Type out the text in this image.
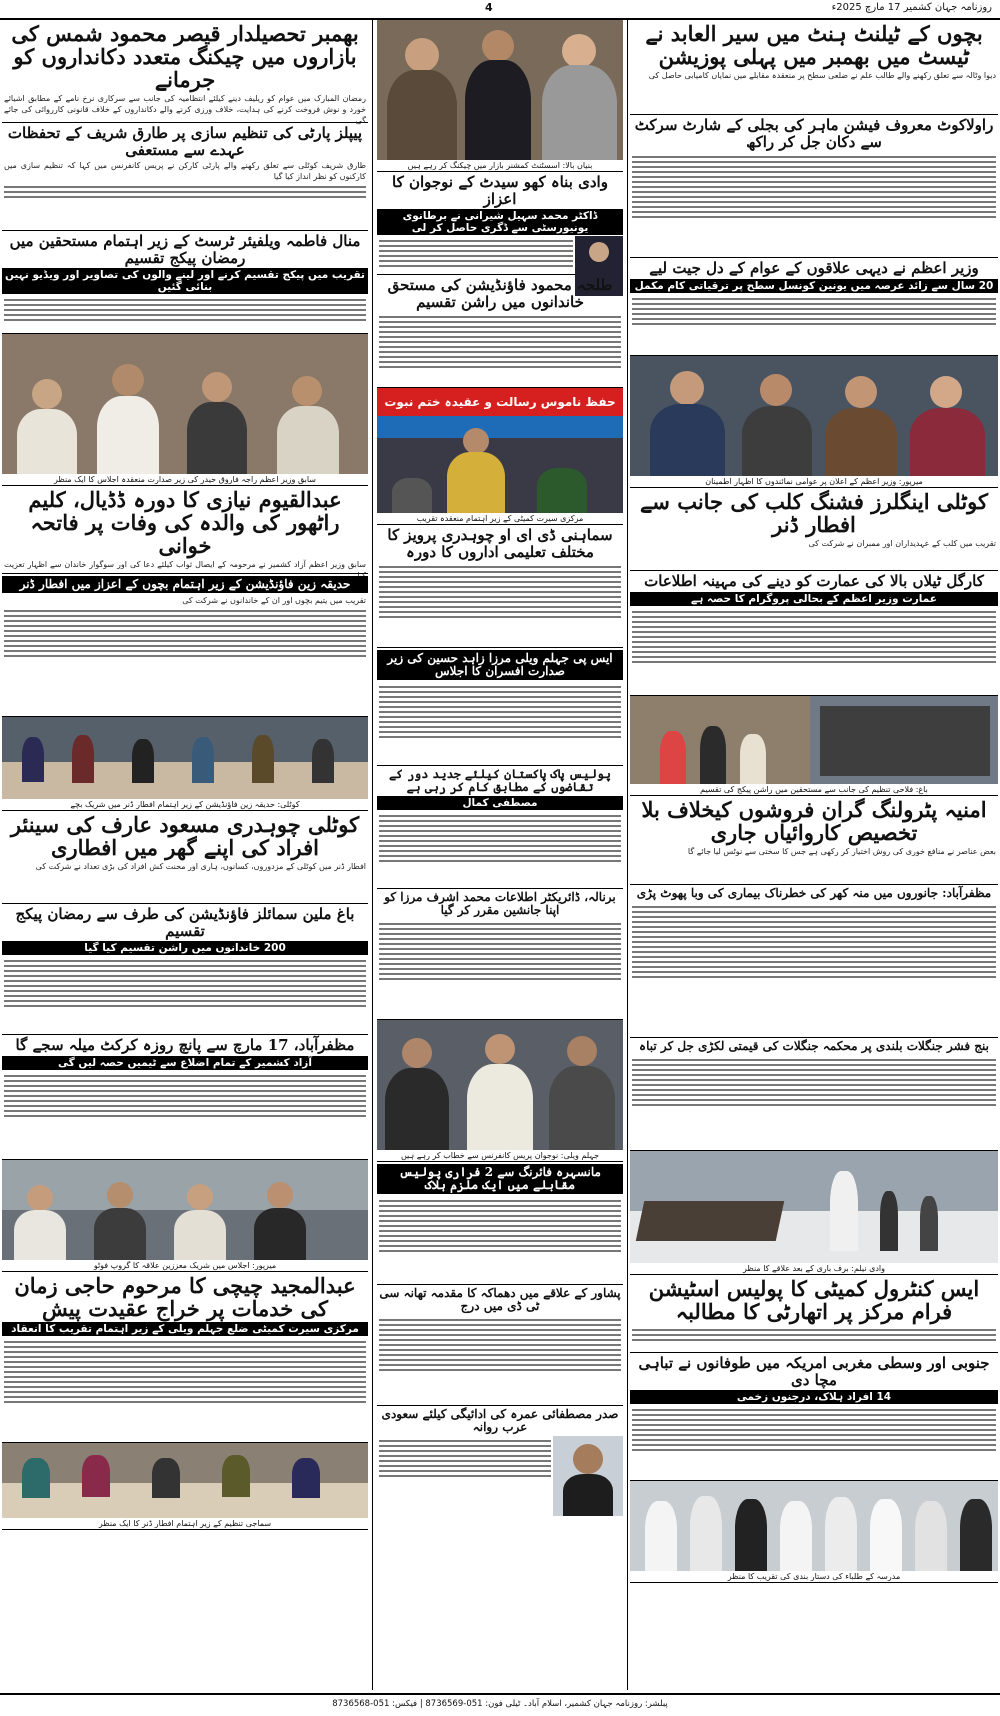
4	روزنامہ جہان کشمیر 17 مارچ 2025ء
بچوں کے ٹیلنٹ ہنٹ میں سیر العابد نے ٹیسٹ میں بھمبر میں پہلی پوزیشن
دیوا وٹالہ سے تعلق رکھنے والے طالب علم نے ضلعی سطح پر منعقدہ مقابلے میں نمایاں کامیابی حاصل کی
راولاکوٹ معروف فیشن ماہر کی بجلی کے شارٹ سرکٹ سے دکان جل کر راکھ
وزیر اعظم نے دیہی علاقوں کے عوام کے دل جیت لیے
20 سال سے زائد عرصہ میں یونین کونسل سطح پر ترقیاتی کام مکمل
میرپور: وزیر اعظم کے اعلان پر عوامی نمائندوں کا اظہار اطمینان
کوٹلی اینگلرز فشنگ کلب کی جانب سے افطار ڈنر
تقریب میں کلب کے عہدیداران اور ممبران نے شرکت کی
کارگل ٹیلاں بالا کی عمارت کو دینے کی مہینہ اطلاعات
عمارت وزیر اعظم کے بحالی پروگرام کا حصہ ہے
باغ: فلاحی تنظیم کی جانب سے مستحقین میں راشن پیکج کی تقسیم
امنیہ پٹرولنگ گران فروشوں کیخلاف بلا تخصیص کاروائیاں جاری
بعض عناصر نے منافع خوری کی روش اختیار کر رکھی ہے جس کا سختی سے نوٹس لیا جائے گا
مظفرآباد: جانوروں میں منہ کھر کی خطرناک بیماری کی وبا پھوٹ پڑی
بنج فشر جنگلات بلندی پر محکمہ جنگلات کی قیمتی لکڑی جل کر تباہ
وادی نیلم: برف باری کے بعد علاقے کا منظر
ایس کنٹرول کمیٹی کا پولیس اسٹیشن فرام مرکز پر اتھارٹی کا مطالبہ
جنوبی اور وسطی مغربی امریکہ میں طوفانوں نے تباہی مچا دی
14 افراد ہلاک، درجنوں زخمی
مدرسہ کے طلباء کی دستار بندی کی تقریب کا منظر
بنیاں بالا: اسسٹنٹ کمشنر بازار میں چیکنگ کر رہے ہیں
وادی بناہ کھو سیدٹ کے نوجوان کا اعزاز
ڈاکٹر محمد سہیل شیرانی نے برطانوی یونیورسٹی سے ڈگری حاصل کر لی
طلحہ محمود فاؤنڈیشن کی مستحق خاندانوں میں راشن تقسیم
حفظ ناموس رسالت و عقیدہ ختم نبوت
مرکزی سیرت کمیٹی کے زیر اہتمام منعقدہ تقریب
سماہنی ڈی ای او چوہدری پرویز کا مختلف تعلیمی اداروں کا دورہ
ایس پی جہلم ویلی مرزا زاہد حسین کی زیر صدارت افسران کا اجلاس
پولیس پاک پاکستان کیلئے جدید دور کے تقاضوں کے مطابق کام کر رہی ہے
مصطفی کمال
برنالہ، ڈائریکٹر اطلاعات محمد اشرف مرزا کو اپنا جانشین مقرر کر گیا
جہلم ویلی: نوجوان پریس کانفرنس سے خطاب کر رہے ہیں
مانسہرہ فائرنگ سے 2 فراری پولیس مقابلے میں ایک ملزم ہلاک
پشاور کے علاقے میں دھماکہ کا مقدمہ تھانہ سی ٹی ڈی میں درج
صدر مصطفائی عمرہ کی ادائیگی کیلئے سعودی عرب روانہ
بھمبر تحصیلدار قیصر محمود شمس کی بازاروں میں چیکنگ متعدد دکانداروں کو جرمانے
رمضان المبارک میں عوام کو ریلیف دینے کیلئے انتظامیہ کی جانب سے سرکاری نرخ نامے کے مطابق اشیائے خورد و نوش فروخت کرنے کی ہدایت، خلاف ورزی کرنے والے دکانداروں کے خلاف قانونی کارروائی کی جائے گی
پیپلز پارٹی کی تنظیم سازی پر طارق شریف کے تحفظات عہدے سے مستعفی
طارق شریف کوٹلی سے تعلق رکھنے والے پارٹی کارکن نے پریس کانفرنس میں کہا کہ تنظیم سازی میں کارکنوں کو نظر انداز کیا گیا
منال فاطمہ ویلفیئر ٹرسٹ کے زیر اہتمام مستحقین میں رمضان پیکج تقسیم
تقریب میں پیکج تقسیم کرنے اور لینے والوں کی تصاویر اور ویڈیو نہیں بنائی گئیں
سابق وزیر اعظم راجہ فاروق حیدر کی زیر صدارت منعقدہ اجلاس کا ایک منظر
عبدالقیوم نیازی کا دورہ ڈڈیال، کلیم راٹھور کی والدہ کی وفات پر فاتحہ خوانی
سابق وزیر اعظم آزاد کشمیر نے مرحومہ کے ایصال ثواب کیلئے دعا کی اور سوگوار خاندان سے اظہار تعزیت
حدیقہ زین فاؤنڈیشن کے زیر اہتمام بچوں کے اعزاز میں افطار ڈنر
تقریب میں یتیم بچوں اور ان کے خاندانوں نے شرکت کی
کوٹلی: حدیقہ زین فاؤنڈیشن کے زیر اہتمام افطار ڈنر میں شریک بچے
کوٹلی چوہدری مسعود عارف کی سینئر افراد کی اپنے گھر میں افطاری
افطار ڈنر میں کوٹلی کے مزدوروں، کسانوں، ہاری اور محنت کش افراد کی بڑی تعداد نے شرکت کی
باغ ملین سمائلز فاؤنڈیشن کی طرف سے رمضان پیکج تقسیم
200 خاندانوں میں راشن تقسیم کیا گیا
مظفرآباد، 17 مارچ سے پانچ روزہ کرکٹ میلہ سجے گا
آزاد کشمیر کے تمام اضلاع سے ٹیمیں حصہ لیں گی
میرپور: اجلاس میں شریک معززین علاقہ کا گروپ فوٹو
عبدالمجید چیچی کا مرحوم حاجی زمان کی خدمات پر خراج عقیدت پیش
مرکزی سیرت کمیٹی ضلع جہلم ویلی کے زیر اہتمام تقریب کا انعقاد
سماجی تنظیم کے زیر اہتمام افطار ڈنر کا ایک منظر
پبلشر: روزنامہ جہان کشمیر، اسلام آباد۔ ٹیلی فون: 051-8736569 | فیکس: 051-8736568
